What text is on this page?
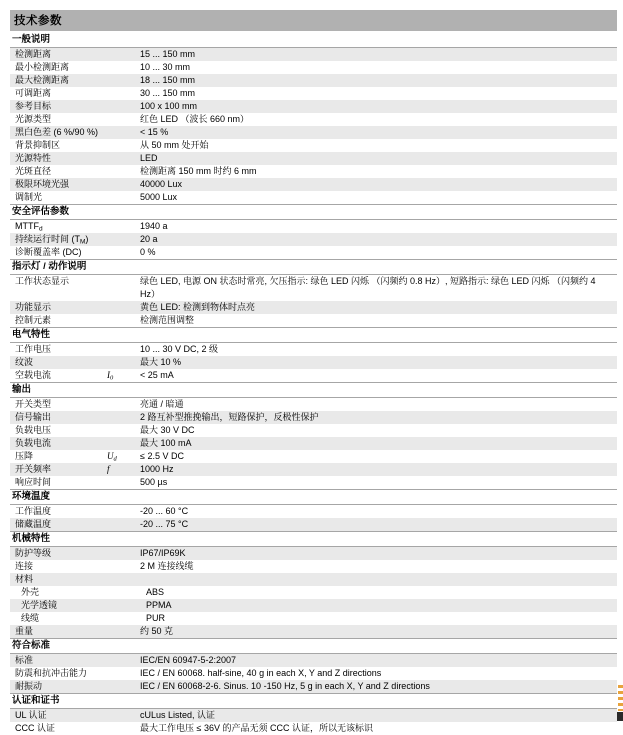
技术参数
一般说明
检测距离	15 ... 150 mm
最小检测距离	10 ... 30 mm
最大检测距离	18 ... 150 mm
可调距离	30 ... 150 mm
参考目标	100 x 100 mm
光源类型	红色 LED （波长 660 nm）
黑白色差 (6 %/90 %)	< 15 %
背景抑制区	从 50 mm 处开始
光源特性	LED
光斑直径	检测距离 150 mm 时约 6 mm
极限环境光强	40000 Lux
调制光	5000 Lux
安全评估参数
$MTTF_d$	1940 a
持续运行时间 $(T_M)$	20 a
诊断覆盖率 (DC)	0 %
指示灯 / 动作说明
工作状态显示	绿色 LED, 电源 ON 状态时常亮, 欠压指示: 绿色 LED 闪烁 （闪频约 0.8 Hz）, 短路指示: 绿色 LED 闪烁 （闪频约 4 Hz）
功能显示	黄色 LED: 检测到物体时点亮
控制元素	检测范围调整
电气特性
工作电压	10 ... 30 V DC, 2 级
纹波	最大 10 %
空载电流	$I_0$	< 25 mA
输出
开关类型	亮通 / 暗通
信号输出	2 路互补型推挽输出，短路保护，反极性保护
负载电压	最大 30 V DC
负载电流	最大 100 mA
压降	$U_d$	≤ 2.5 V DC
开关频率	f	1000 Hz
响应时间	500 µs
环境温度
工作温度	-20 ... 60 °C
储藏温度	-20 ... 75 °C
机械特性
防护等级	IP67/IP69K
连接	2 M 连接线缆
材料
外壳	ABS
光学透镜	PPMA
线缆	PUR
重量	约 50 克
符合标准
标准	IEC/EN 60947-5-2:2007
防震和抗冲击能力	IEC / EN 60068. half-sine, 40 g in each X, Y and Z directions
耐振动	IEC / EN 60068-2-6. Sinus. 10 -150 Hz, 5 g in each X, Y and Z directions
认证和证书
UL 认证	cULus Listed, 认证
CCC 认证	最大工作电压 ≤ 36V 的产品无须 CCC 认证，所以无该标识
